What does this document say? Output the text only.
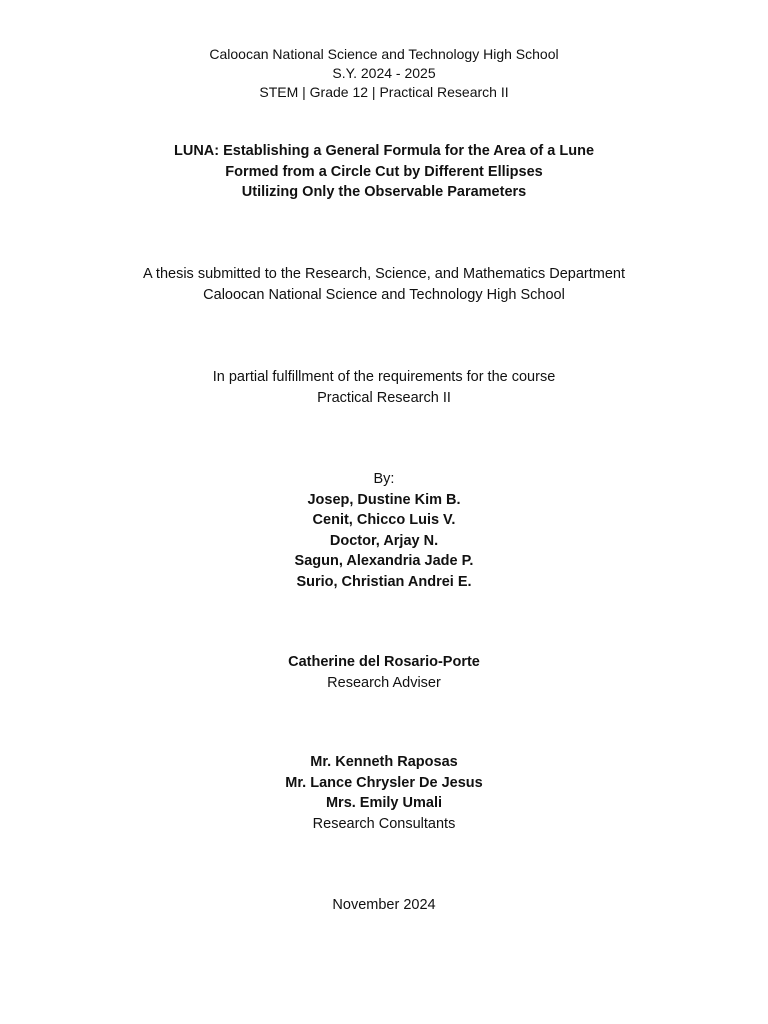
Caloocan National Science and Technology High School
S.Y. 2024 - 2025
STEM | Grade 12 | Practical Research II
LUNA: Establishing a General Formula for the Area of a Lune
Formed from a Circle Cut by Different Ellipses
Utilizing Only the Observable Parameters
A thesis submitted to the Research, Science, and Mathematics Department
Caloocan National Science and Technology High School
In partial fulfillment of the requirements for the course
Practical Research II
By:
Josep, Dustine Kim B.
Cenit, Chicco Luis V.
Doctor, Arjay N.
Sagun, Alexandria Jade P.
Surio, Christian Andrei E.
Catherine del Rosario-Porte
Research Adviser
Mr. Kenneth Raposas
Mr. Lance Chrysler De Jesus
Mrs. Emily Umali
Research Consultants
November 2024
